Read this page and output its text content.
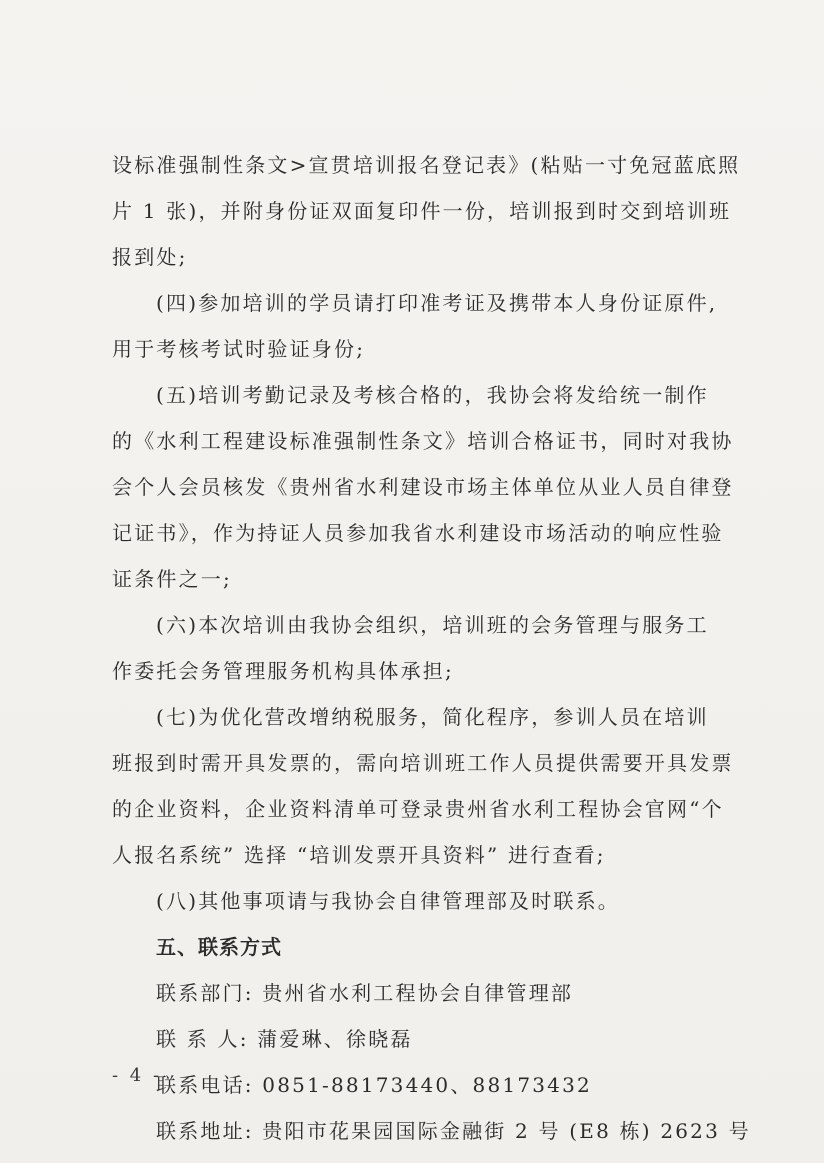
设标准强制性条文>宣贯培训报名登记表》(粘贴一寸免冠蓝底照
片 1 张)，并附身份证双面复印件一份，培训报到时交到培训班
报到处;
(四)参加培训的学员请打印准考证及携带本人身份证原件,
用于考核考试时验证身份;
(五)培训考勤记录及考核合格的，我协会将发给统一制作
的《水利工程建设标准强制性条文》培训合格证书，同时对我协
会个人会员核发《贵州省水利建设市场主体单位从业人员自律登
记证书》，作为持证人员参加我省水利建设市场活动的响应性验
证条件之一;
(六)本次培训由我协会组织，培训班的会务管理与服务工
作委托会务管理服务机构具体承担;
(七)为优化营改增纳税服务，简化程序，参训人员在培训
班报到时需开具发票的，需向培训班工作人员提供需要开具发票
的企业资料，企业资料清单可登录贵州省水利工程协会官网“个
人报名系统” 选择 “培训发票开具资料” 进行查看;
(八)其他事项请与我协会自律管理部及时联系。
五、联系方式
联系部门: 贵州省水利工程协会自律管理部
联 系 人: 蒲爱琳、徐晓磊
联系电话: 0851-88173440、88173432
联系地址: 贵阳市花果园国际金融街 2 号 (E8 栋) 2623 号
- 4 -
